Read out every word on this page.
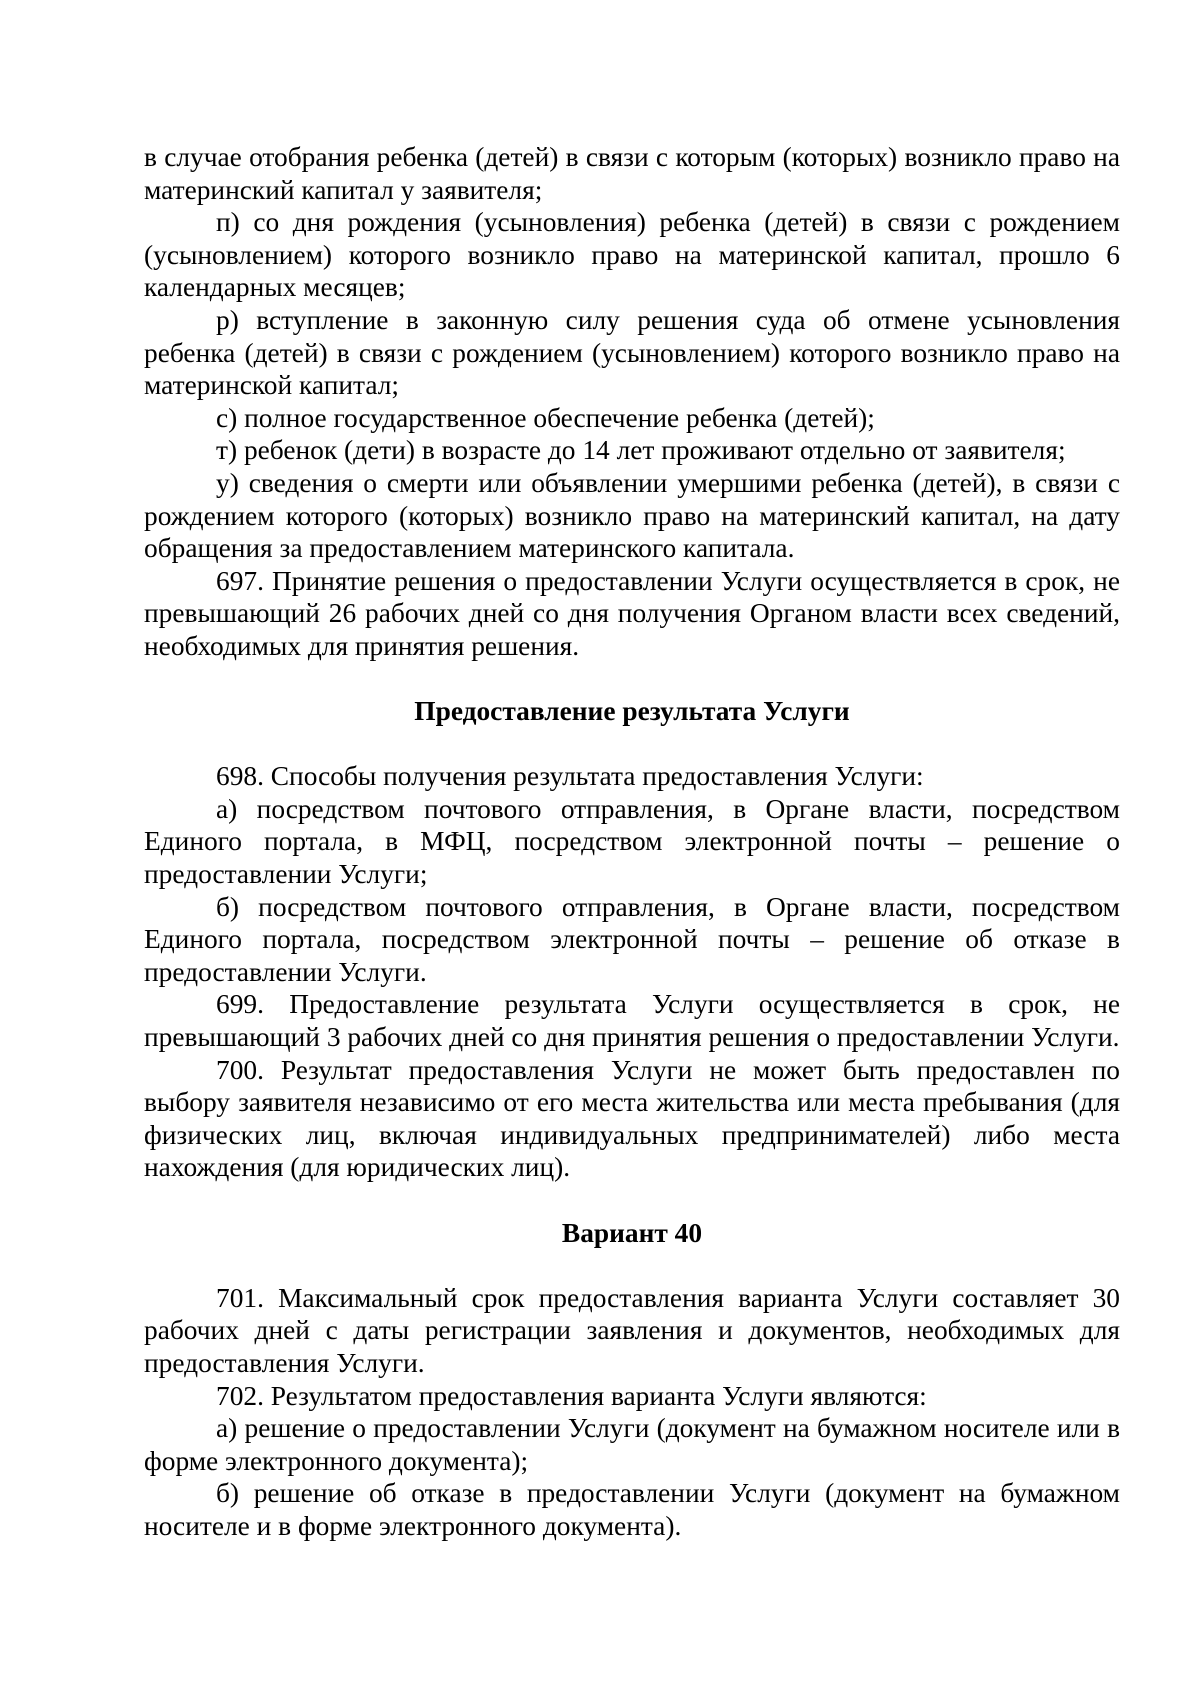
в случае отобрания ребенка (детей) в связи с которым (которых) возникло право на материнский капитал у заявителя;

п) со дня рождения (усыновления) ребенка (детей) в связи с рождением (усыновлением) которого возникло право на материнской капитал, прошло 6 календарных месяцев;

р) вступление в законную силу решения суда об отмене усыновления ребенка (детей) в связи с рождением (усыновлением) которого возникло право на материнской капитал;

с) полное государственное обеспечение ребенка (детей);

т) ребенок (дети) в возрасте до 14 лет проживают отдельно от заявителя;

у) сведения о смерти или объявлении умершими ребенка (детей), в связи с рождением которого (которых) возникло право на материнский капитал, на дату обращения за предоставлением материнского капитала.

697. Принятие решения о предоставлении Услуги осуществляется в срок, не превышающий 26 рабочих дней со дня получения Органом власти всех сведений, необходимых для принятия решения.

Предоставление результата Услуги

698. Способы получения результата предоставления Услуги:

а) посредством почтового отправления, в Органе власти, посредством Единого портала, в МФЦ, посредством электронной почты – решение о предоставлении Услуги;

б) посредством почтового отправления, в Органе власти, посредством Единого портала, посредством электронной почты – решение об отказе в предоставлении Услуги.

699. Предоставление результата Услуги осуществляется в срок, не превышающий 3 рабочих дней со дня принятия решения о предоставлении Услуги.

700. Результат предоставления Услуги не может быть предоставлен по выбору заявителя независимо от его места жительства или места пребывания (для физических лиц, включая индивидуальных предпринимателей) либо места нахождения (для юридических лиц).

Вариант 40

701. Максимальный срок предоставления варианта Услуги составляет 30 рабочих дней с даты регистрации заявления и документов, необходимых для предоставления Услуги.

702. Результатом предоставления варианта Услуги являются:

а) решение о предоставлении Услуги (документ на бумажном носителе или в форме электронного документа);

б) решение об отказе в предоставлении Услуги (документ на бумажном носителе и в форме электронного документа).
